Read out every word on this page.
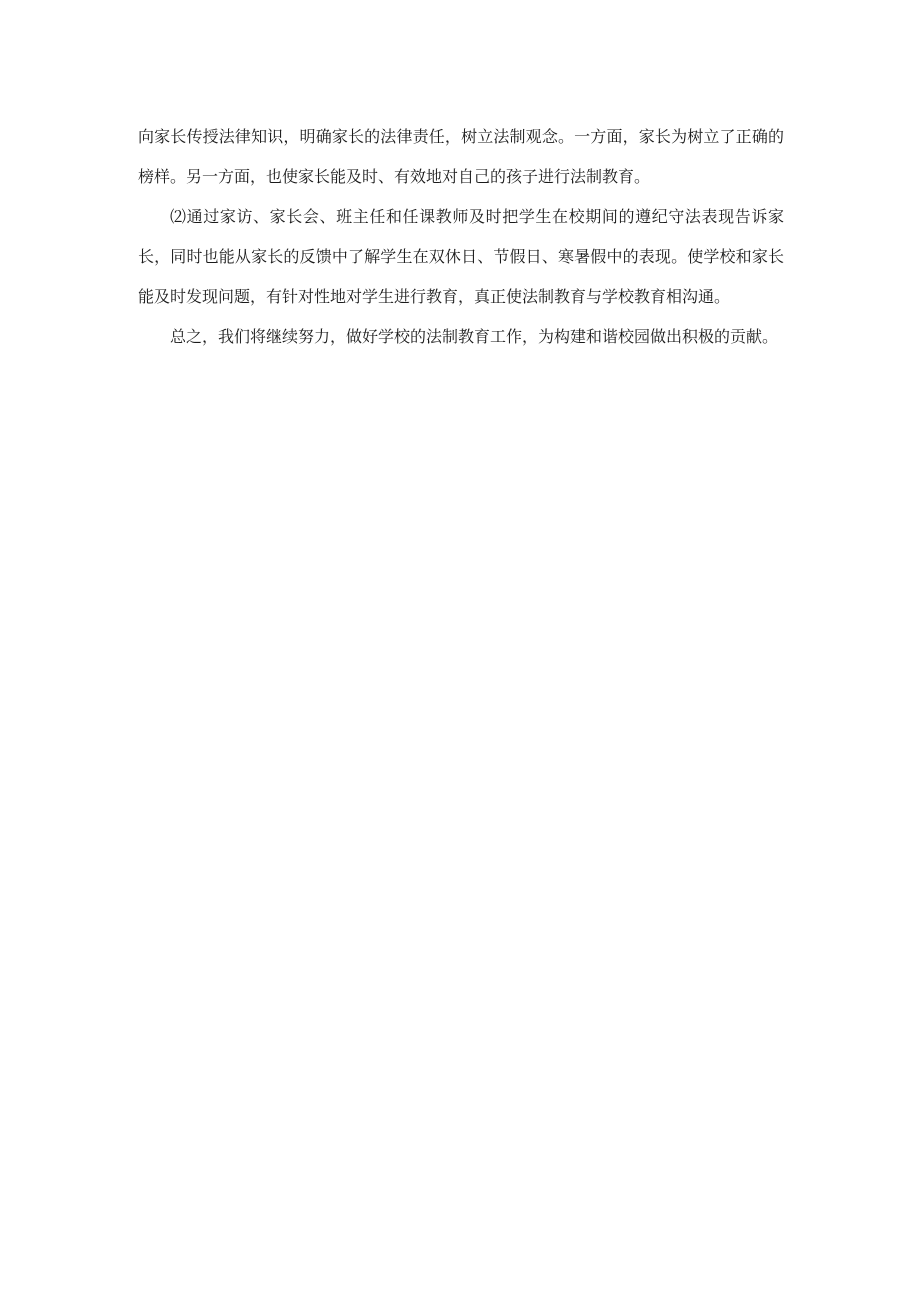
向家长传授法律知识，明确家长的法律责任，树立法制观念。一方面，家长为树立了正确的榜样。另一方面，也使家长能及时、有效地对自己的孩子进行法制教育。

⑵通过家访、家长会、班主任和任课教师及时把学生在校期间的遵纪守法表现告诉家长，同时也能从家长的反馈中了解学生在双休日、节假日、寒暑假中的表现。使学校和家长能及时发现问题，有针对性地对学生进行教育，真正使法制教育与学校教育相沟通。

总之，我们将继续努力，做好学校的法制教育工作，为构建和谐校园做出积极的贡献。
